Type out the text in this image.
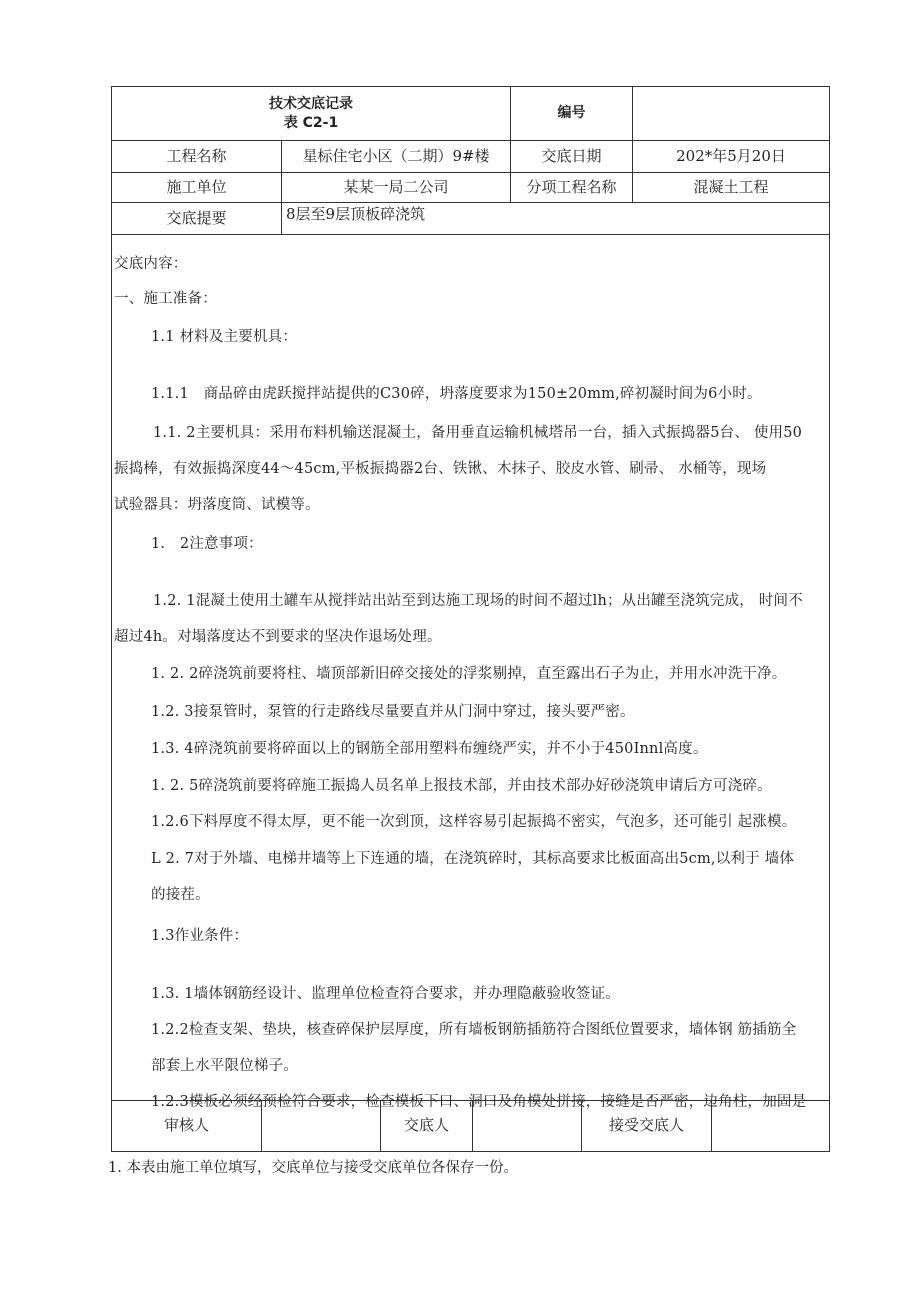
技术交底记录
表 C2-1
编号
工程名称	星标住宅小区（二期）9#楼	交底日期	202*年5月20日
施工单位	某某一局二公司	分项工程名称	混凝土工程
交底提要	8层至9层顶板碎浇筑
交底内容：
一、施工准备：
1.1 材料及主要机具：
1.1.1　商品碎由虎跃搅拌站提供的C30碎，坍落度要求为150±20mm,碎初凝时间为6小时。
1.1. 2主要机具：采用布料机输送混凝土，备用垂直运输机械塔吊一台，插入式振捣器5台、 使用50
振捣棒，有效振捣深度44～45cm,平板振捣器2台、铁锹、木抹子、胶皮水管、刷帚、 水桶等，现场
试验器具：坍落度筒、试模等。
1.　2注意事项：
1.2. 1混凝土使用土罐车从搅拌站出站至到达施工现场的时间不超过lh；从出罐至浇筑完成， 时间不
超过4h。对塌落度达不到要求的坚决作退场处理。
1. 2. 2碎浇筑前要将柱、墙顶部新旧碎交接处的浮浆剔掉，直至露出石子为止，并用水冲洗干净。
1.2. 3接泵管时，泵管的行走路线尽量要直并从门洞中穿过，接头要严密。
1.3. 4碎浇筑前要将碎面以上的钢筋全部用塑料布缠绕严实，并不小于450Innl高度。
1. 2. 5碎浇筑前要将碎施工振捣人员名单上报技术部，并由技术部办好砂浇筑申请后方可浇碎。
1.2.6下料厚度不得太厚，更不能一次到顶，这样容易引起振捣不密实，气泡多，还可能引 起涨模。
L 2. 7对于外墙、电梯井墙等上下连通的墙，在浇筑碎时，其标高要求比板面高出5cm,以利于 墙体
的接茬。
1.3作业条件：
1.3. 1墙体钢筋经设计、监理单位检查符合要求，并办理隐蔽验收签证。
1.2.2检查支架、垫块，核查碎保护层厚度，所有墙板钢筋插筋符合图纸位置要求，墙体钢 筋插筋全
部套上水平限位梯子。
1.2.3模板必须经预检符合要求，检查模板下口、洞口及角模处拼接，接缝是否严密，边角柱，加固是
审核人	交底人	接受交底人
1. 本表由施工单位填写，交底单位与接受交底单位各保存一份。
